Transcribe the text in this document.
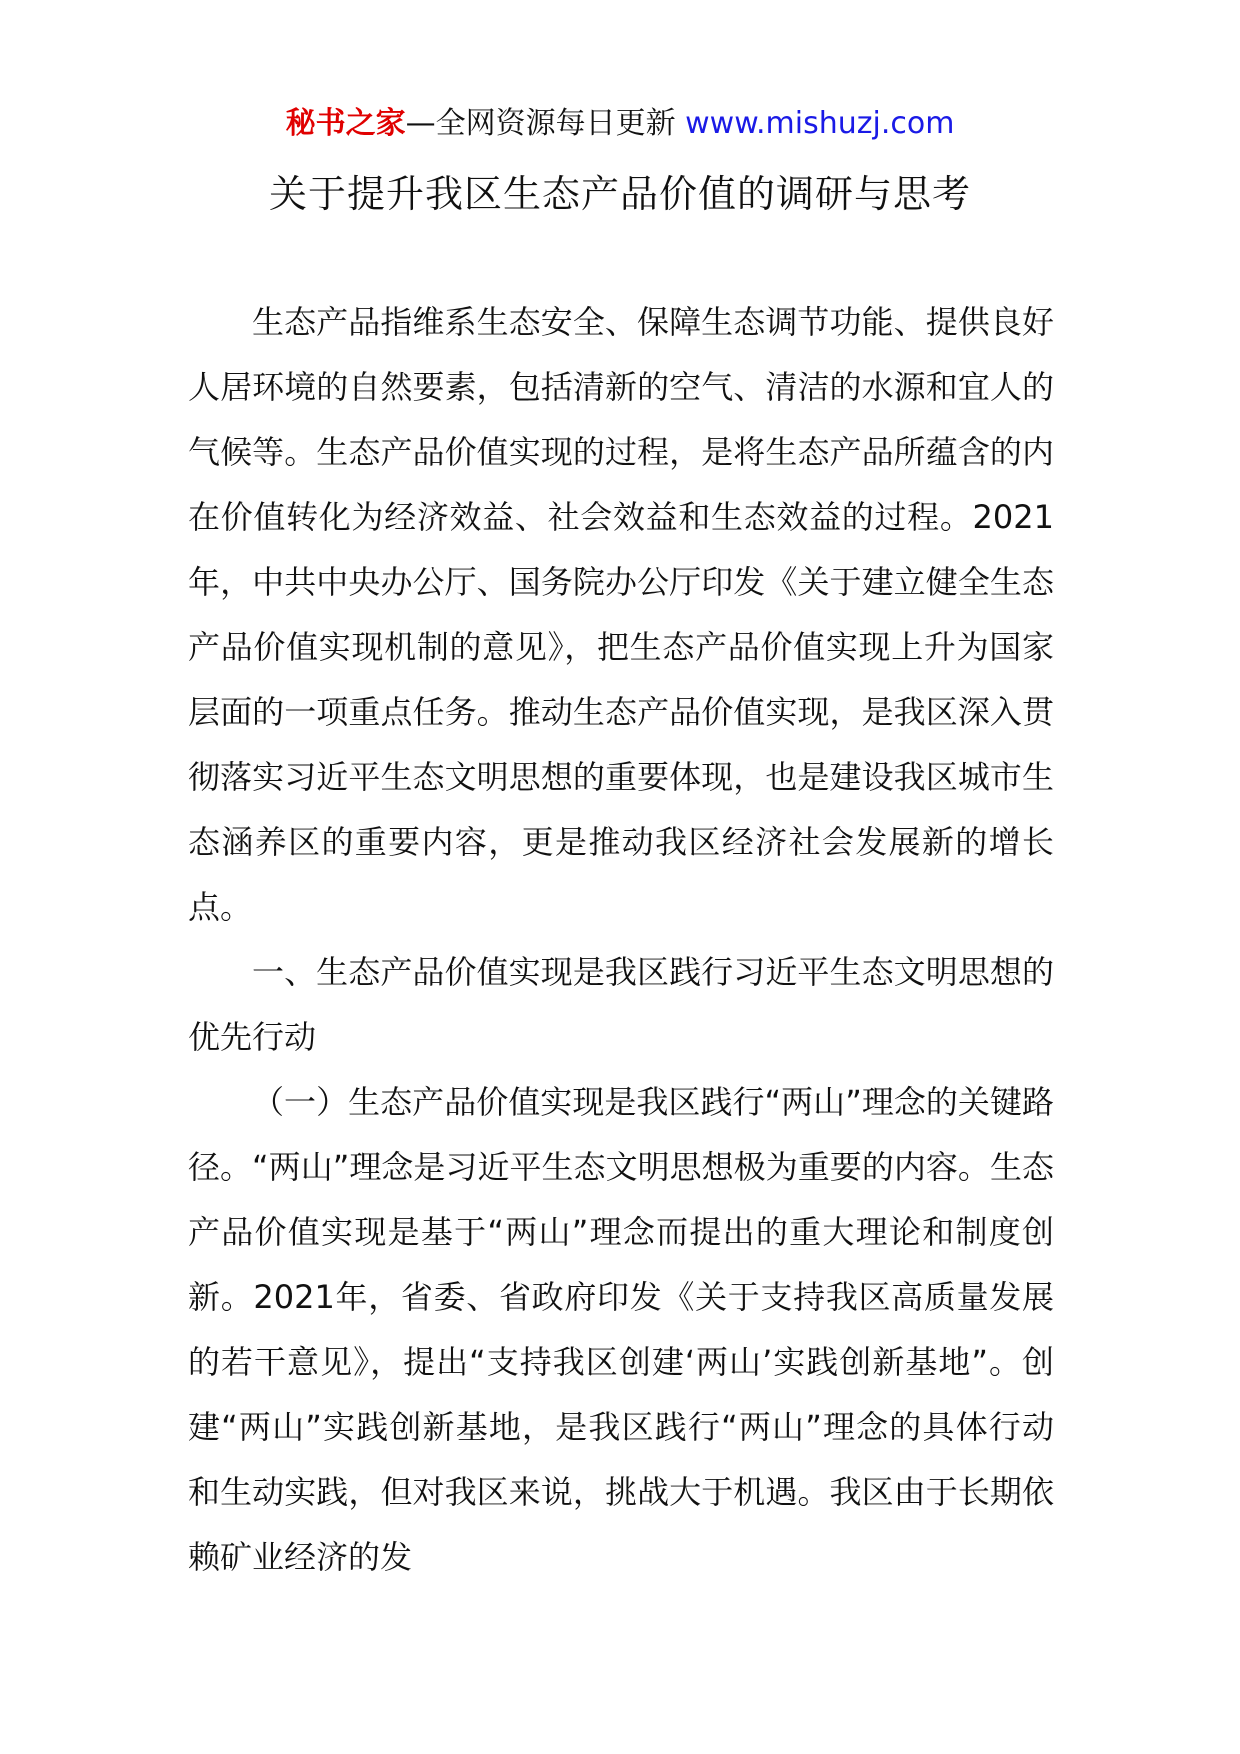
秘书之家—全网资源每日更新 www.mishuzj.com
关于提升我区生态产品价值的调研与思考

生态产品指维系生态安全、保障生态调节功能、提供良好人居环境的自然要素，包括清新的空气、清洁的水源和宜人的气候等。生态产品价值实现的过程，是将生态产品所蕴含的内在价值转化为经济效益、社会效益和生态效益的过程。2021年，中共中央办公厅、国务院办公厅印发《关于建立健全生态产品价值实现机制的意见》，把生态产品价值实现上升为国家层面的一项重点任务。推动生态产品价值实现，是我区深入贯彻落实习近平生态文明思想的重要体现，也是建设我区城市生态涵养区的重要内容，更是推动我区经济社会发展新的增长点。

一、生态产品价值实现是我区践行习近平生态文明思想的优先行动

（一）生态产品价值实现是我区践行“两山”理念的关键路径。“两山”理念是习近平生态文明思想极为重要的内容。生态产品价值实现是基于“两山”理念而提出的重大理论和制度创新。2021年，省委、省政府印发《关于支持我区高质量发展的若干意见》，提出“支持我区创建‘两山’实践创新基地”。创建“两山”实践创新基地，是我区践行“两山”理念的具体行动和生动实践，但对我区来说，挑战大于机遇。我区由于长期依赖矿业经济的发
